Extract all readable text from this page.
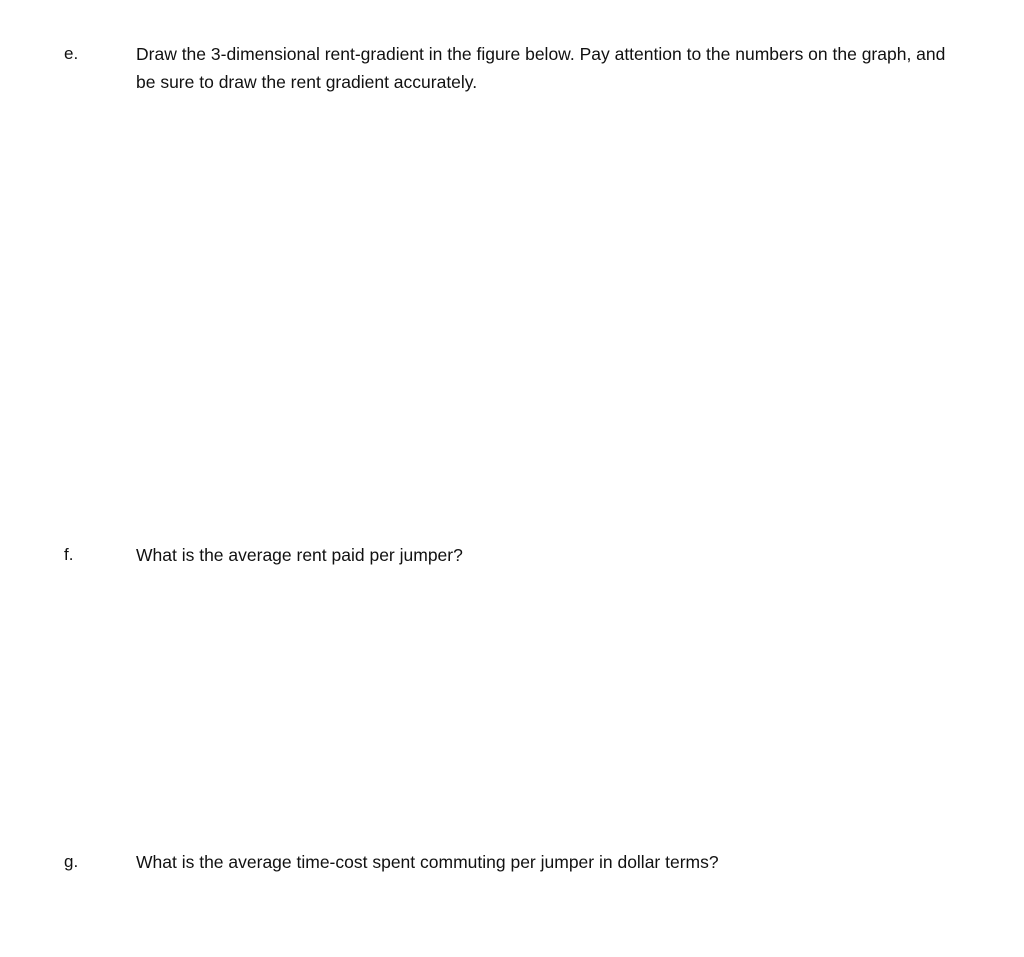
e.	Draw the 3-dimensional rent-gradient in the figure below. Pay attention to the numbers on the graph, and be sure to draw the rent gradient accurately.
f.	What is the average rent paid per jumper?
g.	What is the average time-cost spent commuting per jumper in dollar terms?
